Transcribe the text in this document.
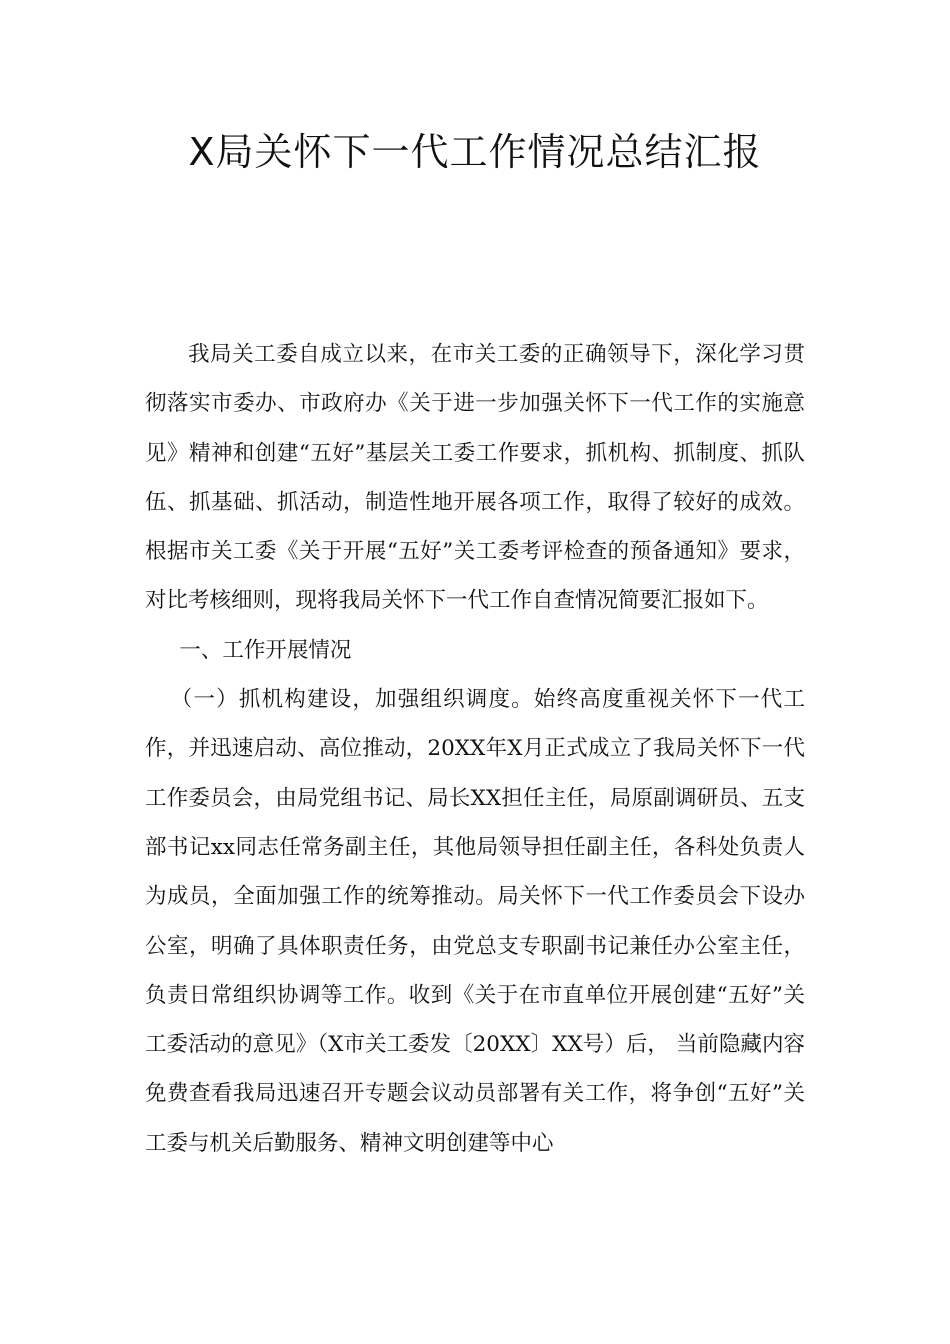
X局关怀下一代工作情况总结汇报

我局关工委自成立以来，在市关工委的正确领导下，深化学习贯彻落实市委办、市政府办《关于进一步加强关怀下一代工作的实施意见》精神和创建“五好”基层关工委工作要求，抓机构、抓制度、抓队伍、抓基础、抓活动，制造性地开展各项工作，取得了较好的成效。根据市关工委《关于开展“五好”关工委考评检查的预备通知》要求，对比考核细则，现将我局关怀下一代工作自查情况简要汇报如下。

一、工作开展情况

（一）抓机构建设，加强组织调度。始终高度重视关怀下一代工作，并迅速启动、高位推动，20XX年X月正式成立了我局关怀下一代工作委员会，由局党组书记、局长XX担任主任，局原副调研员、五支部书记xx同志任常务副主任，其他局领导担任副主任，各科处负责人为成员，全面加强工作的统筹推动。局关怀下一代工作委员会下设办公室，明确了具体职责任务，由党总支专职副书记兼任办公室主任，负责日常组织协调等工作。收到《关于在市直单位开展创建“五好”关工委活动的意见》（X市关工委发〔20XX〕XX号）后， 当前隐藏内容免费查看我局迅速召开专题会议动员部署有关工作，将争创“五好”关工委与机关后勤服务、精神文明创建等中心
